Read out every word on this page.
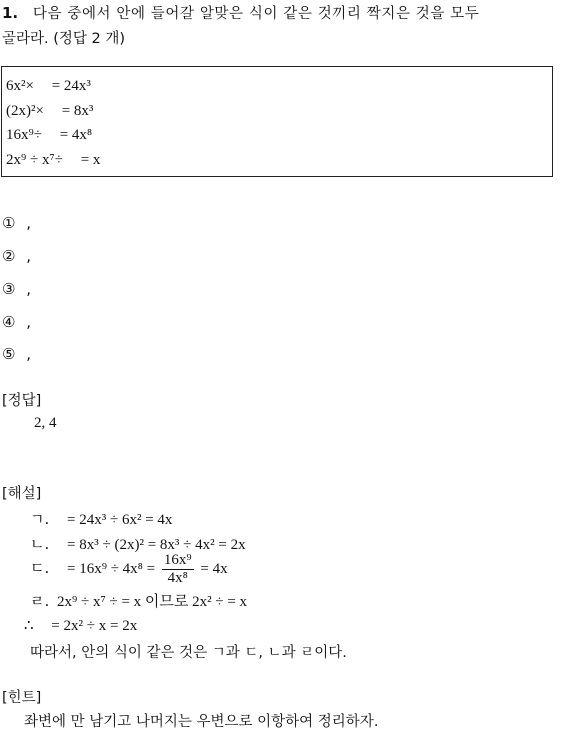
1. 다음 중에서 안에 들어갈 알맞은 식이 같은 것끼리 짝지은 것을 모두
골라라. (정답 2 개)
6x²× = 24x³
(2x)²× = 8x³
16x⁹÷ = 4x⁸
2x⁹ ÷ x⁷÷ = x
① ,
② ,
③ ,
④ ,
⑤ ,
[정답]
2, 4
[해설]
ㄱ. = 24x³ ÷ 6x² = 4x
ㄴ. = 8x³ ÷ (2x)² = 8x³ ÷ 4x² = 2x
ㄷ. = $16x^9 \div 4x^8 = \frac{\text{16x⁹}}{\text{4x⁸}} = 4x$
ㄹ. 2x⁹ ÷ x⁷ ÷ = x 이므로 2x² ÷ = x
∴ = 2x² ÷ x = 2x
따라서, 안의 식이 같은 것은 ㄱ과 ㄷ, ㄴ과 ㄹ이다.
[힌트]
좌변에 만 남기고 나머지는 우변으로 이항하여 정리하자.
